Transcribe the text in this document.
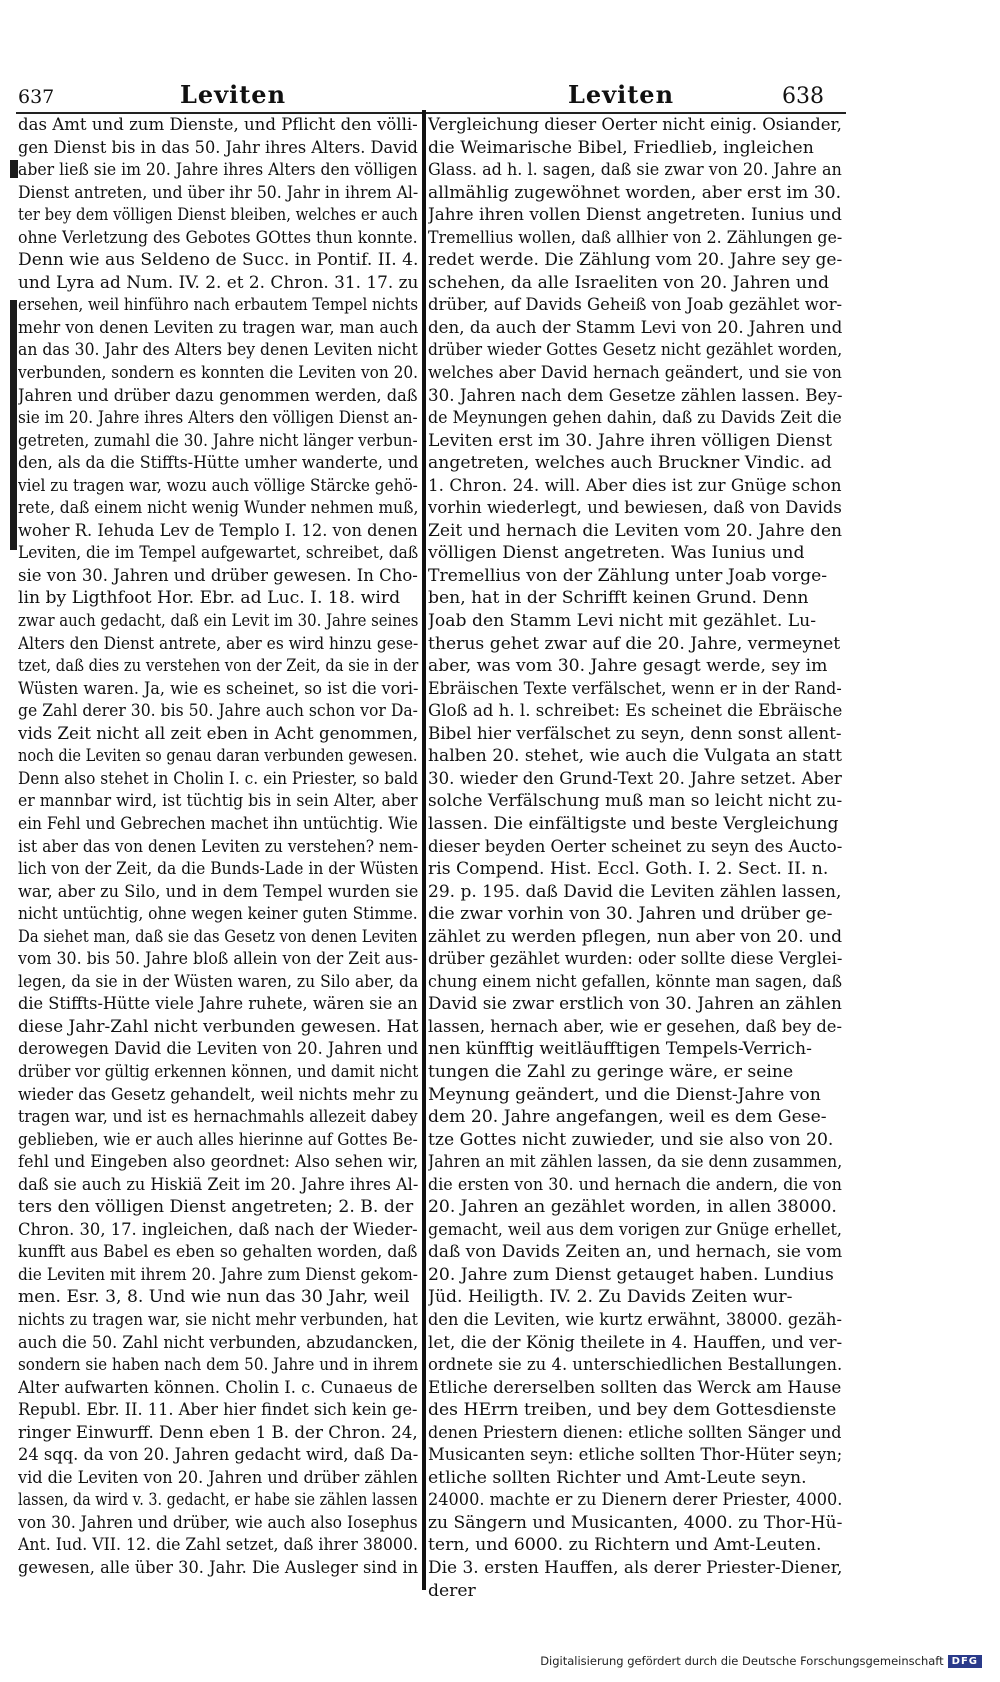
637	Leviten	Leviten	638
das Amt und zum Dienste, und Pflicht den völli-
gen Dienst bis in das 50. Jahr ihres Alters. David
aber ließ sie im 20. Jahre ihres Alters den völligen
Dienst antreten, und über ihr 50. Jahr in ihrem Al-
ter bey dem völligen Dienst bleiben, welches er auch
ohne Verletzung des Gebotes GOttes thun konnte.
Denn wie aus Seldeno de Succ. in Pontif. II. 4.
und Lyra ad Num. IV. 2. et 2. Chron. 31. 17. zu
ersehen, weil hinführo nach erbautem Tempel nichts
mehr von denen Leviten zu tragen war, man auch
an das 30. Jahr des Alters bey denen Leviten nicht
verbunden, sondern es konnten die Leviten von 20.
Jahren und drüber dazu genommen werden, daß
sie im 20. Jahre ihres Alters den völligen Dienst an-
getreten, zumahl die 30. Jahre nicht länger verbun-
den, als da die Stiffts-Hütte umher wanderte, und
viel zu tragen war, wozu auch völlige Stärcke gehö-
rete, daß einem nicht wenig Wunder nehmen muß,
woher R. Iehuda Lev de Templo I. 12. von denen
Leviten, die im Tempel aufgewartet, schreibet, daß
sie von 30. Jahren und drüber gewesen. In Cho-
lin by Ligthfoot Hor. Ebr. ad Luc. I. 18. wird
zwar auch gedacht, daß ein Levit im 30. Jahre seines
Alters den Dienst antrete, aber es wird hinzu gese-
tzet, daß dies zu verstehen von der Zeit, da sie in der
Wüsten waren. Ja, wie es scheinet, so ist die vori-
ge Zahl derer 30. bis 50. Jahre auch schon vor Da-
vids Zeit nicht all zeit eben in Acht genommen,
noch die Leviten so genau daran verbunden gewesen.
Denn also stehet in Cholin I. c. ein Priester, so bald
er mannbar wird, ist tüchtig bis in sein Alter, aber
ein Fehl und Gebrechen machet ihn untüchtig. Wie
ist aber das von denen Leviten zu verstehen? nem-
lich von der Zeit, da die Bunds-Lade in der Wüsten
war, aber zu Silo, und in dem Tempel wurden sie
nicht untüchtig, ohne wegen keiner guten Stimme.
Da siehet man, daß sie das Gesetz von denen Leviten
vom 30. bis 50. Jahre bloß allein von der Zeit aus-
legen, da sie in der Wüsten waren, zu Silo aber, da
die Stiffts-Hütte viele Jahre ruhete, wären sie an
diese Jahr-Zahl nicht verbunden gewesen. Hat
derowegen David die Leviten von 20. Jahren und
drüber vor gültig erkennen können, und damit nicht
wieder das Gesetz gehandelt, weil nichts mehr zu
tragen war, und ist es hernachmahls allezeit dabey
geblieben, wie er auch alles hierinne auf Gottes Be-
fehl und Eingeben also geordnet: Also sehen wir,
daß sie auch zu Hiskiä Zeit im 20. Jahre ihres Al-
ters den völligen Dienst angetreten; 2. B. der
Chron. 30, 17. ingleichen, daß nach der Wieder-
kunfft aus Babel es eben so gehalten worden, daß
die Leviten mit ihrem 20. Jahre zum Dienst gekom-
men. Esr. 3, 8. Und wie nun das 30 Jahr, weil
nichts zu tragen war, sie nicht mehr verbunden, hat
auch die 50. Zahl nicht verbunden, abzudancken,
sondern sie haben nach dem 50. Jahre und in ihrem
Alter aufwarten können. Cholin I. c. Cunaeus de
Republ. Ebr. II. 11. Aber hier findet sich kein ge-
ringer Einwurff. Denn eben 1 B. der Chron. 24,
24 sqq. da von 20. Jahren gedacht wird, daß Da-
vid die Leviten von 20. Jahren und drüber zählen
lassen, da wird v. 3. gedacht, er habe sie zählen lassen
von 30. Jahren und drüber, wie auch also Iosephus
Ant. Iud. VII. 12. die Zahl setzet, daß ihrer 38000.
gewesen, alle über 30. Jahr. Die Ausleger sind in
Vergleichung dieser Oerter nicht einig. Osiander,
die Weimarische Bibel, Friedlieb, ingleichen
Glass. ad h. l. sagen, daß sie zwar von 20. Jahre an
allmählig zugewöhnet worden, aber erst im 30.
Jahre ihren vollen Dienst angetreten. Iunius und
Tremellius wollen, daß allhier von 2. Zählungen ge-
redet werde. Die Zählung vom 20. Jahre sey ge-
schehen, da alle Israeliten von 20. Jahren und
drüber, auf Davids Geheiß von Joab gezählet wor-
den, da auch der Stamm Levi von 20. Jahren und
drüber wieder Gottes Gesetz nicht gezählet worden,
welches aber David hernach geändert, und sie von
30. Jahren nach dem Gesetze zählen lassen. Bey-
de Meynungen gehen dahin, daß zu Davids Zeit die
Leviten erst im 30. Jahre ihren völligen Dienst
angetreten, welches auch Bruckner Vindic. ad
1. Chron. 24. will. Aber dies ist zur Gnüge schon
vorhin wiederlegt, und bewiesen, daß von Davids
Zeit und hernach die Leviten vom 20. Jahre den
völligen Dienst angetreten. Was Iunius und
Tremellius von der Zählung unter Joab vorge-
ben, hat in der Schrifft keinen Grund. Denn
Joab den Stamm Levi nicht mit gezählet. Lu-
therus gehet zwar auf die 20. Jahre, vermeynet
aber, was vom 30. Jahre gesagt werde, sey im
Ebräischen Texte verfälschet, wenn er in der Rand-
Gloß ad h. l. schreibet: Es scheinet die Ebräische
Bibel hier verfälschet zu seyn, denn sonst allent-
halben 20. stehet, wie auch die Vulgata an statt
30. wieder den Grund-Text 20. Jahre setzet. Aber
solche Verfälschung muß man so leicht nicht zu-
lassen. Die einfältigste und beste Vergleichung
dieser beyden Oerter scheinet zu seyn des Aucto-
ris Compend. Hist. Eccl. Goth. I. 2. Sect. II. n.
29. p. 195. daß David die Leviten zählen lassen,
die zwar vorhin von 30. Jahren und drüber ge-
zählet zu werden pflegen, nun aber von 20. und
drüber gezählet wurden: oder sollte diese Verglei-
chung einem nicht gefallen, könnte man sagen, daß
David sie zwar erstlich von 30. Jahren an zählen
lassen, hernach aber, wie er gesehen, daß bey de-
nen künfftig weitläufftigen Tempels-Verrich-
tungen die Zahl zu geringe wäre, er seine
Meynung geändert, und die Dienst-Jahre von
dem 20. Jahre angefangen, weil es dem Gese-
tze Gottes nicht zuwieder, und sie also von 20.
Jahren an mit zählen lassen, da sie denn zusammen,
die ersten von 30. und hernach die andern, die von
20. Jahren an gezählet worden, in allen 38000.
gemacht, weil aus dem vorigen zur Gnüge erhellet,
daß von Davids Zeiten an, und hernach, sie vom
20. Jahre zum Dienst getauget haben. Lundius
Jüd. Heiligth. IV. 2. Zu Davids Zeiten wur-
den die Leviten, wie kurtz erwähnt, 38000. gezäh-
let, die der König theilete in 4. Hauffen, und ver-
ordnete sie zu 4. unterschiedlichen Bestallungen.
Etliche dererselben sollten das Werck am Hause
des HErrn treiben, und bey dem Gottesdienste
denen Priestern dienen: etliche sollten Sänger und
Musicanten seyn: etliche sollten Thor-Hüter seyn;
etliche sollten Richter und Amt-Leute seyn.
24000. machte er zu Dienern derer Priester, 4000.
zu Sängern und Musicanten, 4000. zu Thor-Hü-
tern, und 6000. zu Richtern und Amt-Leuten.
Die 3. ersten Hauffen, als derer Priester-Diener,
derer
Digitalisierung gefördert durch die Deutsche Forschungsgemeinschaft DFG
